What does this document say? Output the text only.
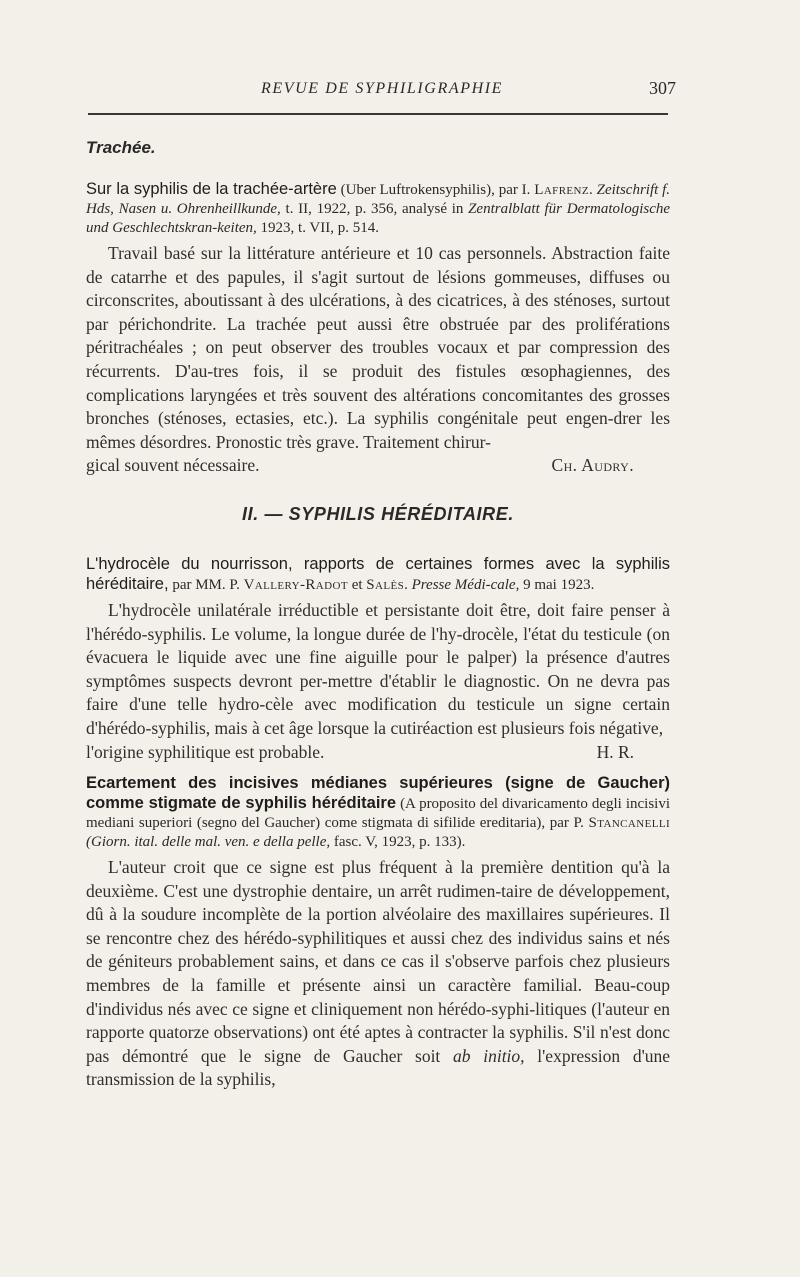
REVUE DE SYPHILIGRAPHIE	307
Trachée.
Sur la syphilis de la trachée-artère (Uber Luftrokensyphilis), par I. Lafrenz. Zeitschrift f. Hds, Nasen u. Ohrenheillkunde, t. II, 1922, p. 356, analysé in Zentralblatt für Dermatologische und Geschlechtskran-keiten, 1923, t. VII, p. 514.

Travail basé sur la littérature antérieure et 10 cas personnels. Abstraction faite de catarrhe et des papules, il s'agit surtout de lésions gommeuses, diffuses ou circonscrites, aboutissant à des ulcérations, à des cicatrices, à des sténoses, surtout par périchondrite. La trachée peut aussi être obstruée par des proliférations péritrachéales ; on peut observer des troubles vocaux et par compression des récurrents. D'au-tres fois, il se produit des fistules œsophagiennes, des complications laryngées et très souvent des altérations concomitantes des grosses bronches (sténoses, ectasies, etc.). La syphilis congénitale peut engen-drer les mêmes désordres. Pronostic très grave. Traitement chirur-

gical souvent nécessaire.	Ch. Audry.
II. — SYPHILIS HÉRÉDITAIRE.
L'hydrocèle du nourrisson, rapports de certaines formes avec la syphilis héréditaire, par MM. P. Vallery-Radot et Salès. Presse Médi-cale, 9 mai 1923.

L'hydrocèle unilatérale irréductible et persistante doit être, doit faire penser à l'hérédo-syphilis. Le volume, la longue durée de l'hy-drocèle, l'état du testicule (on évacuera le liquide avec une fine aiguille pour le palper) la présence d'autres symptômes suspects devront per-mettre d'établir le diagnostic. On ne devra pas faire d'une telle hydro-cèle avec modification du testicule un signe certain d'hérédo-syphilis, mais à cet âge lorsque la cutiréaction est plusieurs fois négative,

l'origine syphilitique est probable.	H. R.
Ecartement des incisives médianes supérieures (signe de Gaucher) comme stigmate de syphilis héréditaire (A proposito del divaricamento degli incisivi mediani superiori (segno del Gaucher) come stigmata di sifilide ereditaria), par P. Stancanelli (Giorn. ital. delle mal. ven. e della pelle, fasc. V, 1923, p. 133).

L'auteur croit que ce signe est plus fréquent à la première dentition qu'à la deuxième. C'est une dystrophie dentaire, un arrêt rudimen-taire de développement, dû à la soudure incomplète de la portion alvéolaire des maxillaires supérieures. Il se rencontre chez des hérédo-syphilitiques et aussi chez des individus sains et nés de géniteurs probablement sains, et dans ce cas il s'observe parfois chez plusieurs membres de la famille et présente ainsi un caractère familial. Beau-coup d'individus nés avec ce signe et cliniquement non hérédo-syphi-litiques (l'auteur en rapporte quatorze observations) ont été aptes à contracter la syphilis. S'il n'est donc pas démontré que le signe de Gaucher soit ab initio, l'expression d'une transmission de la syphilis,
